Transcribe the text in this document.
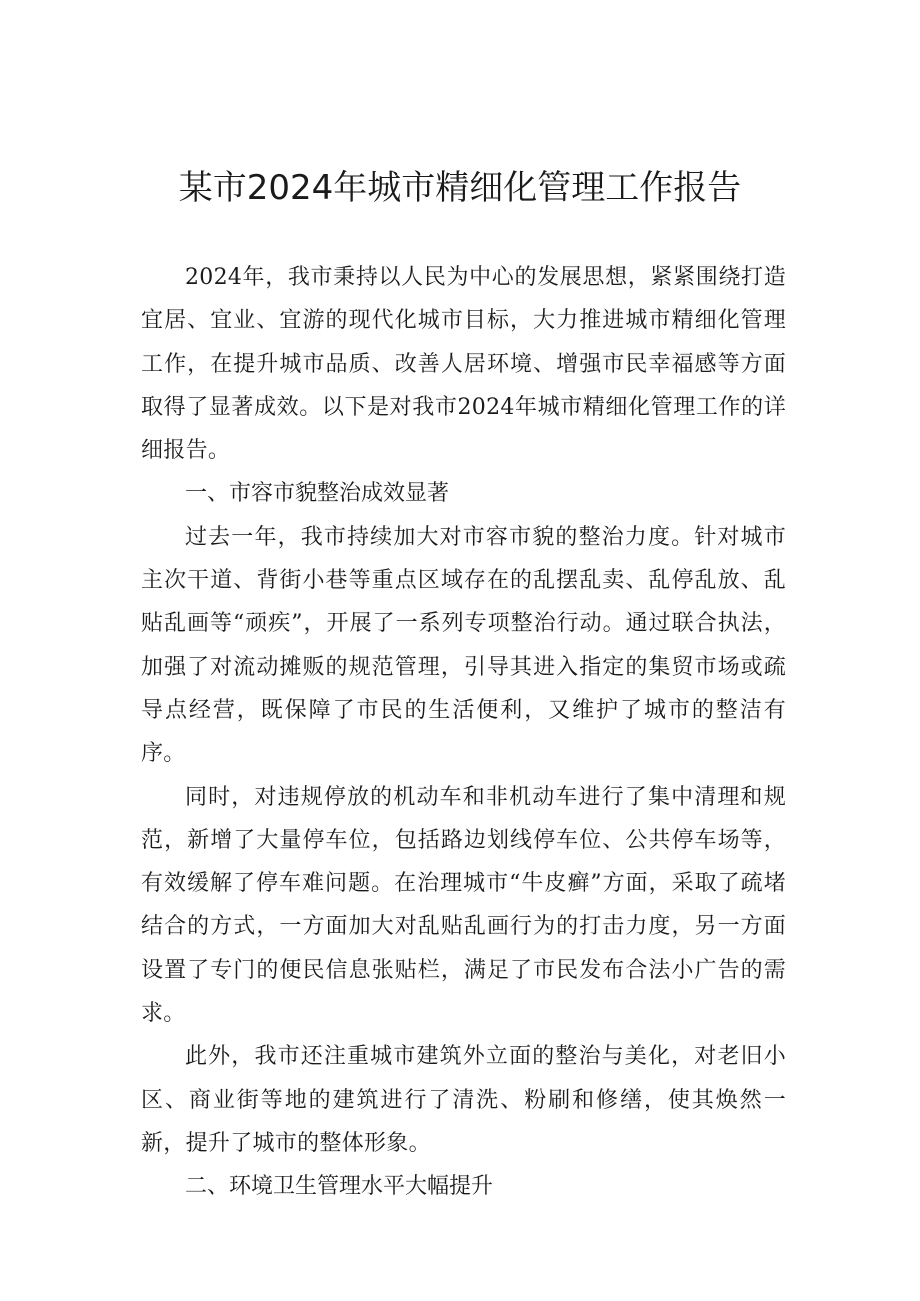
某市2024年城市精细化管理工作报告

2024年，我市秉持以人民为中心的发展思想，紧紧围绕打造宜居、宜业、宜游的现代化城市目标，大力推进城市精细化管理工作，在提升城市品质、改善人居环境、增强市民幸福感等方面取得了显著成效。以下是对我市2024年城市精细化管理工作的详细报告。

一、市容市貌整治成效显著

过去一年，我市持续加大对市容市貌的整治力度。针对城市主次干道、背街小巷等重点区域存在的乱摆乱卖、乱停乱放、乱贴乱画等“顽疾”，开展了一系列专项整治行动。通过联合执法，加强了对流动摊贩的规范管理，引导其进入指定的集贸市场或疏导点经营，既保障了市民的生活便利，又维护了城市的整洁有序。

同时，对违规停放的机动车和非机动车进行了集中清理和规范，新增了大量停车位，包括路边划线停车位、公共停车场等，有效缓解了停车难问题。在治理城市“牛皮癣”方面，采取了疏堵结合的方式，一方面加大对乱贴乱画行为的打击力度，另一方面设置了专门的便民信息张贴栏，满足了市民发布合法小广告的需求。

此外，我市还注重城市建筑外立面的整治与美化，对老旧小区、商业街等地的建筑进行了清洗、粉刷和修缮，使其焕然一新，提升了城市的整体形象。

二、环境卫生管理水平大幅提升
